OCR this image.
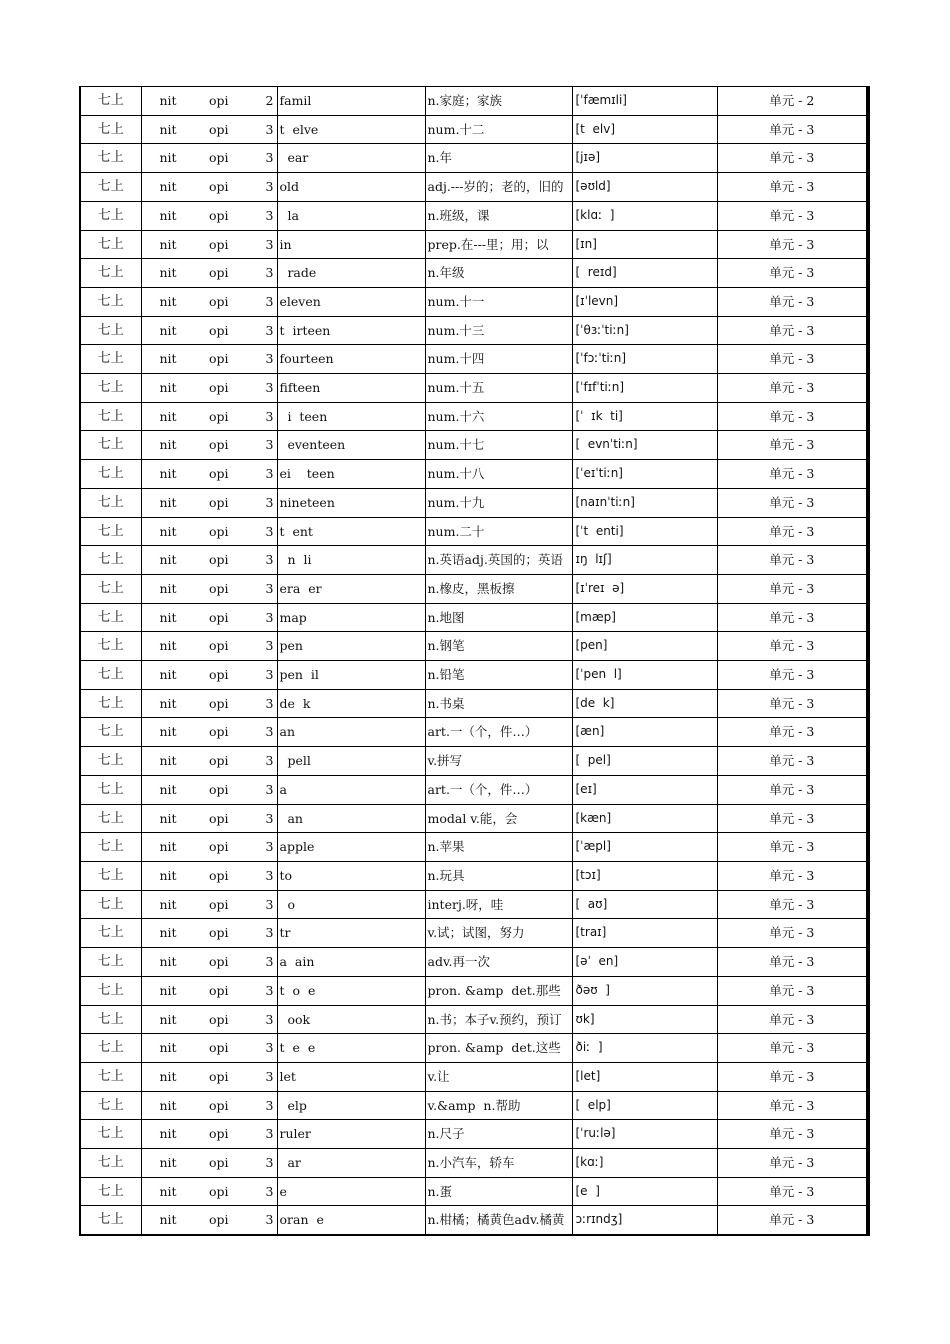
七上	nit	opi	2	famil	n.家庭；家族	[ˈfæmɪli]	单元 - 2
七上	nit	opi	3	t  elve	num.十二	[t  elv]	单元 - 3
七上	nit	opi	3	ear	n.年	[jɪə]	单元 - 3
七上	nit	opi	3	old	adj.---岁的；老的，旧的	[əʊld]	单元 - 3
七上	nit	opi	3	la	n.班级，课	[klɑː  ]	单元 - 3
七上	nit	opi	3	in	prep.在---里；用；以	[ɪn]	单元 - 3
七上	nit	opi	3	rade	n.年级	[  reɪd]	单元 - 3
七上	nit	opi	3	eleven	num.十一	[ɪˈlevn]	单元 - 3
七上	nit	opi	3	t  irteen	num.十三	[ˈθɜːˈtiːn]	单元 - 3
七上	nit	opi	3	fourteen	num.十四	[ˈfɔːˈtiːn]	单元 - 3
七上	nit	opi	3	fifteen	num.十五	[ˈfɪfˈtiːn]	单元 - 3
七上	nit	opi	3	i  teen	num.十六	[ˈ  ɪk  ti]	单元 - 3
七上	nit	opi	3	eventeen	num.十七	[  evnˈtiːn]	单元 - 3
七上	nit	opi	3	ei    teen	num.十八	[ˈeɪˈtiːn]	单元 - 3
七上	nit	opi	3	nineteen	num.十九	[naɪnˈtiːn]	单元 - 3
七上	nit	opi	3	t  ent	num.二十	[ˈt  enti]	单元 - 3
七上	nit	opi	3	n  li	n.英语adj.英国的；英语	ɪŋ  lɪʃ]	单元 - 3
七上	nit	opi	3	era  er	n.橡皮，黑板擦	[ɪˈreɪ  ə]	单元 - 3
七上	nit	opi	3	map	n.地图	[mæp]	单元 - 3
七上	nit	opi	3	pen	n.钢笔	[pen]	单元 - 3
七上	nit	opi	3	pen  il	n.铅笔	[ˈpen  l]	单元 - 3
七上	nit	opi	3	de  k	n.书桌	[de  k]	单元 - 3
七上	nit	opi	3	an	art.一（个，件…）	[æn]	单元 - 3
七上	nit	opi	3	pell	v.拼写	[  pel]	单元 - 3
七上	nit	opi	3	a	art.一（个，件…）	[eɪ]	单元 - 3
七上	nit	opi	3	an	modal v.能，会	[kæn]	单元 - 3
七上	nit	opi	3	apple	n.苹果	[ˈæpl]	单元 - 3
七上	nit	opi	3	to	n.玩具	[tɔɪ]	单元 - 3
七上	nit	opi	3	o	interj.呀，哇	[  aʊ]	单元 - 3
七上	nit	opi	3	tr	v.试；试图，努力	[traɪ]	单元 - 3
七上	nit	opi	3	a  ain	adv.再一次	[əˈ  en]	单元 - 3
七上	nit	opi	3	t  o  e	pron. &amp  det.那些	ðəʊ  ]	单元 - 3
七上	nit	opi	3	ook	n.书；本子v.预约，预订	ʊk]	单元 - 3
七上	nit	opi	3	t  e  e	pron. &amp  det.这些	ðiː  ]	单元 - 3
七上	nit	opi	3	let	v.让	[let]	单元 - 3
七上	nit	opi	3	elp	v.&amp  n.帮助	[  elp]	单元 - 3
七上	nit	opi	3	ruler	n.尺子	[ˈruːlə]	单元 - 3
七上	nit	opi	3	ar	n.小汽车，轿车	[kɑː]	单元 - 3
七上	nit	opi	3	e	n.蛋	[e  ]	单元 - 3
七上	nit	opi	3	oran  e	n.柑橘；橘黄色adv.橘黄	ɔːrɪndʒ]	单元 - 3
